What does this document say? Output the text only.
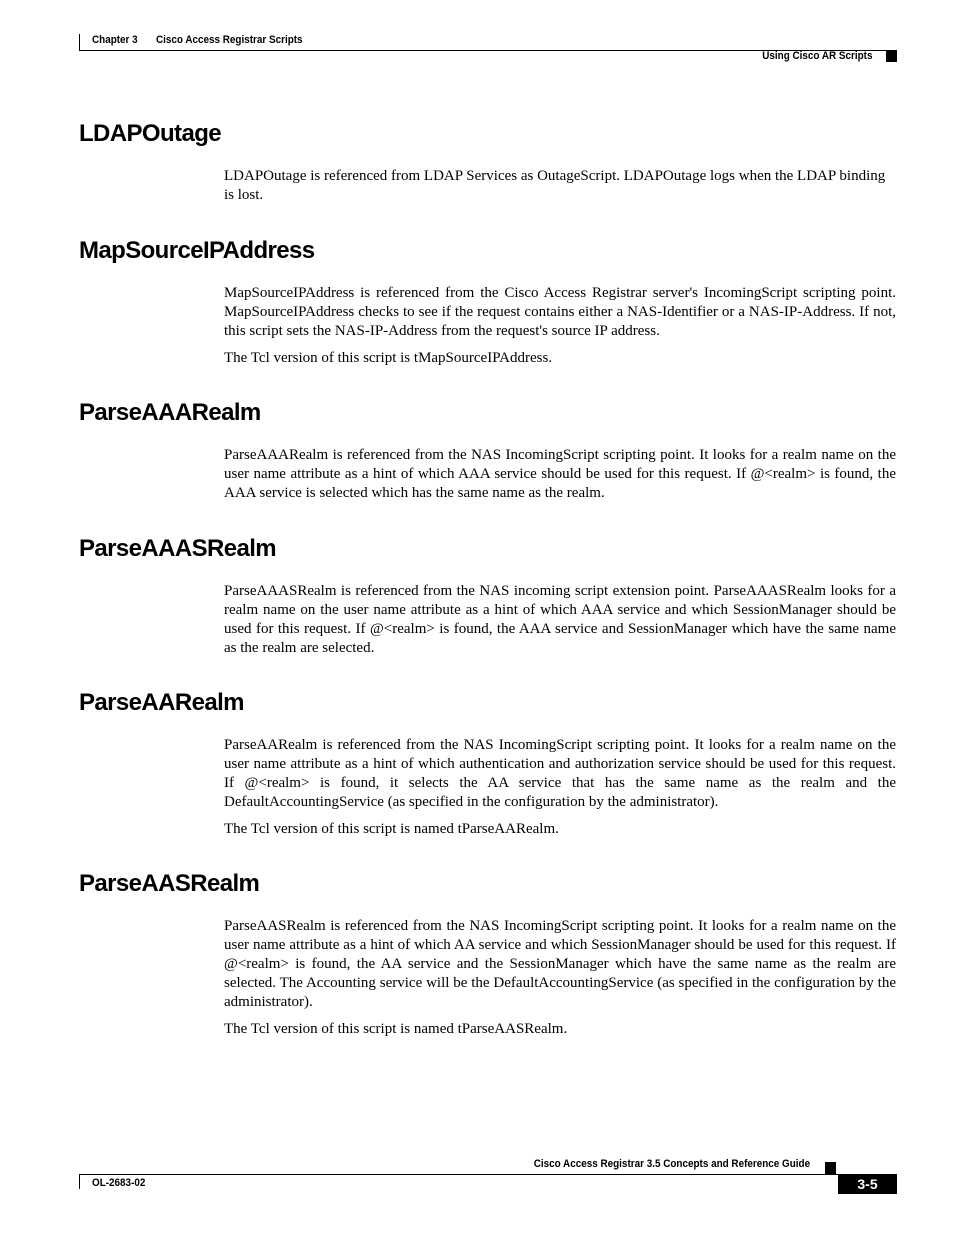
Chapter 3 Cisco Access Registrar Scripts
Using Cisco AR Scripts
LDAPOutage

LDAPOutage is referenced from LDAP Services as OutageScript. LDAPOutage logs when the LDAP binding is lost.

MapSourceIPAddress

MapSourceIPAddress is referenced from the Cisco Access Registrar server's IncomingScript scripting point. MapSourceIPAddress checks to see if the request contains either a NAS-Identifier or a NAS-IP-Address. If not, this script sets the NAS-IP-Address from the request's source IP address.

The Tcl version of this script is tMapSourceIPAddress.

ParseAAARealm

ParseAAARealm is referenced from the NAS IncomingScript scripting point. It looks for a realm name on the user name attribute as a hint of which AAA service should be used for this request. If @<realm> is found, the AAA service is selected which has the same name as the realm.

ParseAAASRealm

ParseAAASRealm is referenced from the NAS incoming script extension point. ParseAAASRealm looks for a realm name on the user name attribute as a hint of which AAA service and which SessionManager should be used for this request. If @<realm> is found, the AAA service and SessionManager which have the same name as the realm are selected.

ParseAARealm

ParseAARealm is referenced from the NAS IncomingScript scripting point. It looks for a realm name on the user name attribute as a hint of which authentication and authorization service should be used for this request. If @<realm> is found, it selects the AA service that has the same name as the realm and the DefaultAccountingService (as specified in the configuration by the administrator).

The Tcl version of this script is named tParseAARealm.

ParseAASRealm

ParseAASRealm is referenced from the NAS IncomingScript scripting point. It looks for a realm name on the user name attribute as a hint of which AA service and which SessionManager should be used for this request. If @<realm> is found, the AA service and the SessionManager which have the same name as the realm are selected. The Accounting service will be the DefaultAccountingService (as specified in the configuration by the administrator).

The Tcl version of this script is named tParseAASRealm.

Cisco Access Registrar 3.5 Concepts and Reference Guide
OL-2683-02	3-5
